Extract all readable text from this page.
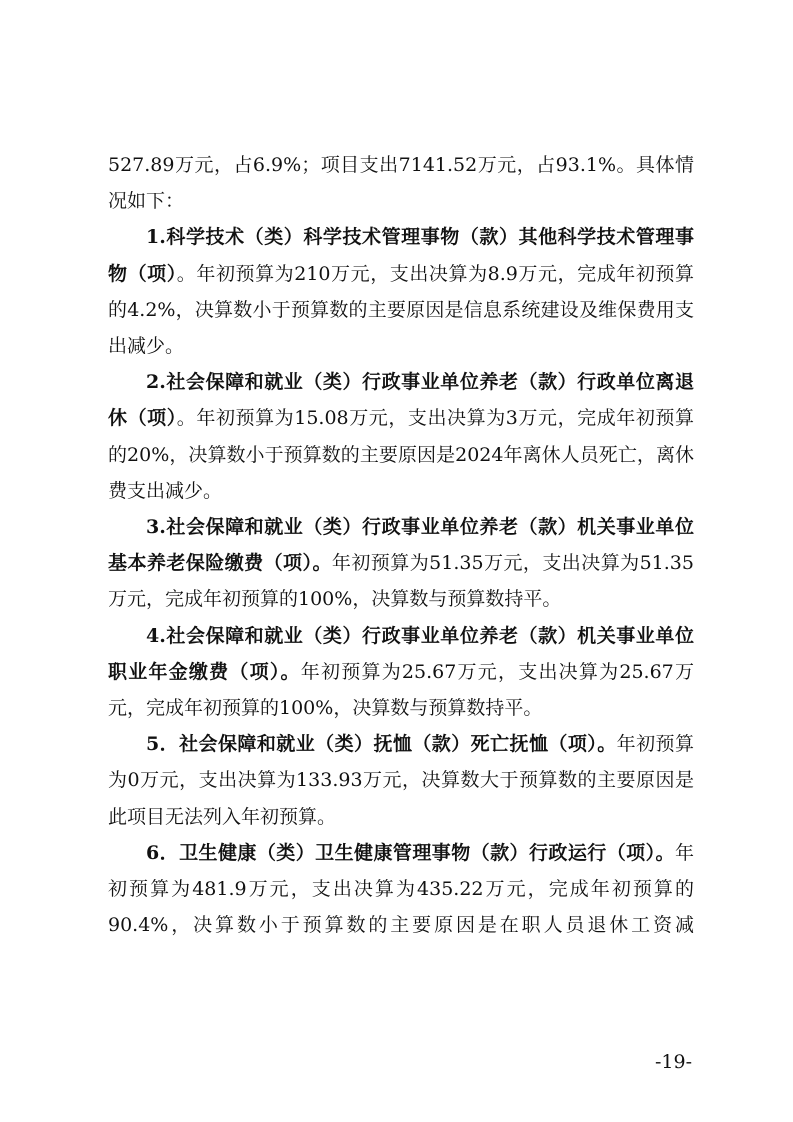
527.89万元，占6.9%；项目支出7141.52万元，占93.1%。具体情况如下：

1.科学技术（类）科学技术管理事物（款）其他科学技术管理事物（项）。年初预算为210万元，支出决算为8.9万元，完成年初预算的4.2%，决算数小于预算数的主要原因是信息系统建设及维保费用支出减少。

2.社会保障和就业（类）行政事业单位养老（款）行政单位离退休（项）。年初预算为15.08万元，支出决算为3万元，完成年初预算的20%，决算数小于预算数的主要原因是2024年离休人员死亡，离休费支出减少。

3.社会保障和就业（类）行政事业单位养老（款）机关事业单位基本养老保险缴费（项）。年初预算为51.35万元，支出决算为51.35万元，完成年初预算的100%，决算数与预算数持平。

4.社会保障和就业（类）行政事业单位养老（款）机关事业单位职业年金缴费（项）。年初预算为25.67万元，支出决算为25.67万元，完成年初预算的100%，决算数与预算数持平。

5．社会保障和就业（类）抚恤（款）死亡抚恤（项）。年初预算为0万元，支出决算为133.93万元，决算数大于预算数的主要原因是此项目无法列入年初预算。

6．卫生健康（类）卫生健康管理事物（款）行政运行（项）。年初预算为481.9万元，支出决算为435.22万元，完成年初预算的90.4%，决算数小于预算数的主要原因是在职人员退休工资减

-19-
